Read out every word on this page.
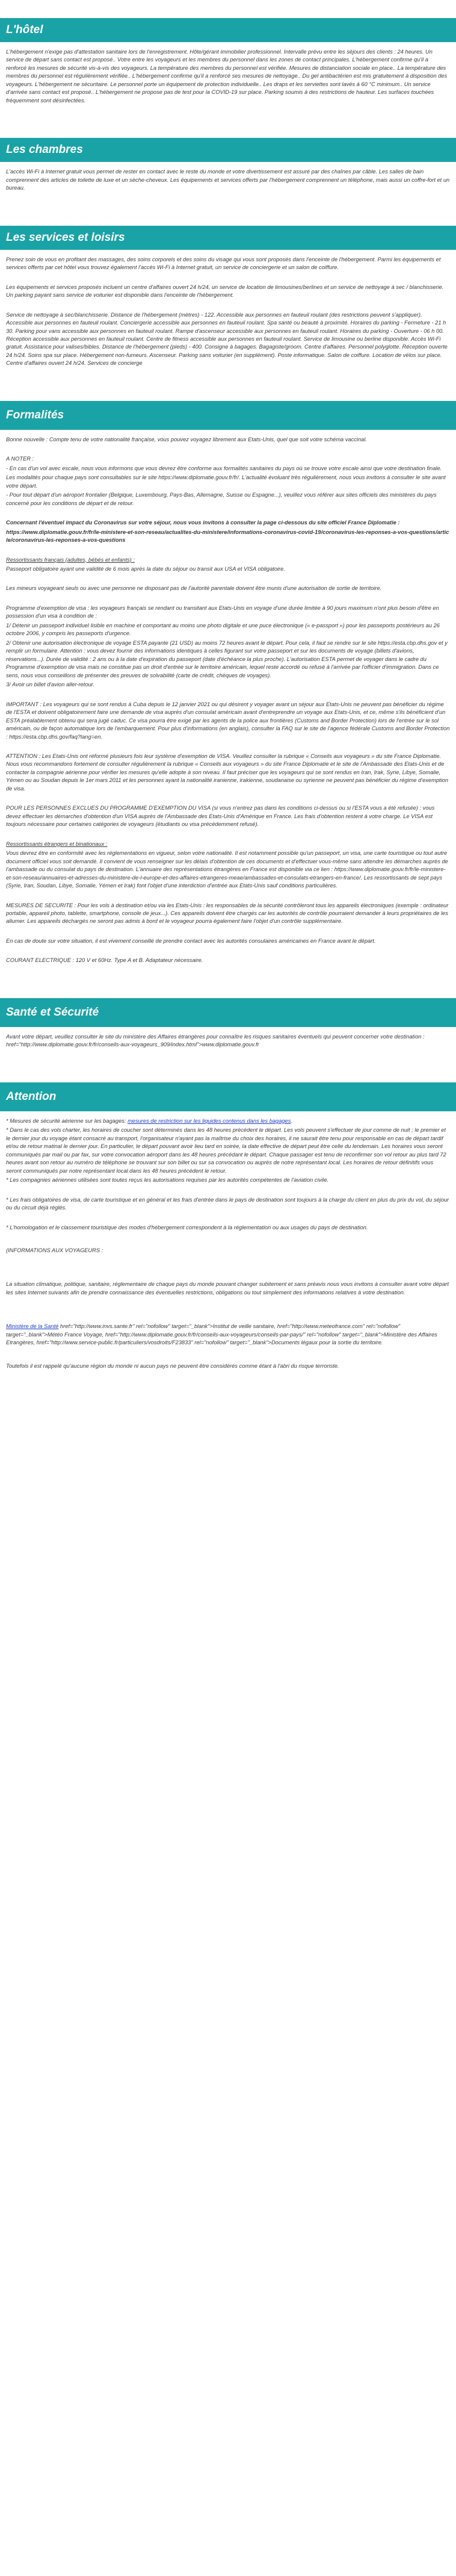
L'hôtel

L'hébergement n'exige pas d'attestation sanitaire lors de l'enregistrement. Hôte/gérant immobilier professionnel. Intervalle prévu entre les séjours des clients : 24 heures. Un service de départ sans contact est proposé.. Votre entre les voyageurs et les membres du personnel dans les zones de contact principales. L'hébergement confirme qu'il a renforcé les mesures de sécurité vis-à-vis des voyageurs. La température des membres du personnel est vérifiée. Mesures de distanciation sociale en place.. La température des membres du personnel est régulièrement vérifiée.. L'hébergement confirme qu'il a renforcé ses mesures de nettoyage.. Du gel antibactérien est mis gratuitement à disposition des voyageurs. L'hébergement ne sécuritaire. Le personnel porte un équipement de protection individuelle.. Les draps et les serviettes sont lavés à 60 °C minimum.. Un service d'arrivée sans contact est proposé.. L'hébergement ne propose pas de test pour la COVID-19 sur place. Parking soumis à des restrictions de hauteur. Les surfaces touchées fréquemment sont désinfectées.

Les chambres

L'accès Wi-Fi à Internet gratuit vous permet de rester en contact avec le reste du monde et votre divertissement est assuré par des chaînes par câble. Les salles de bain comprennent des articles de toilette de luxe et un sèche-cheveux. Les équipements et services offerts par l'hébergement comprennent un téléphone, mais aussi un coffre-fort et un bureau.

Les services et loisirs

Prenez soin de vous en profitant des massages, des soins corporels et des soins du visage qui vous sont proposés dans l'enceinte de l'hébergement. Parmi les équipements et services offerts par cet hôtel vous trouvez également l'accès Wi-Fi à Internet gratuit, un service de conciergerie et un salon de coiffure.

Les équipements et services proposés incluent un centre d'affaires ouvert 24 h/24, un service de location de limousines/berlines et un service de nettoyage à sec / blanchisserie. Un parking payant sans service de voiturier est disponible dans l'enceinte de l'hébergement.

Service de nettoyage à sec/blanchisserie. Distance de l'hébergement (mètres) - 122. Accessible aux personnes en fauteuil roulant (des restrictions peuvent s'appliquer). Accessible aux personnes en fauteuil roulant. Conciergerie accessible aux personnes en fauteuil roulant. Spa santé ou beauté à proximité. Horaires du parking - Fermeture - 21 h 30. Parking pour vans accessible aux personnes en fauteuil roulant. Rampe d'ascenseur accessible aux personnes en fauteuil roulant. Horaires du parking - Ouverture - 06 h 00. Réception accessible aux personnes en fauteuil roulant. Centre de fitness accessible aux personnes en fauteuil roulant. Service de limousine ou berline disponible. Accès Wi-Fi gratuit. Assistance pour valises/bibles. Distance de l'hébergement (pieds) - 400. Consigne à bagages. Bagagiste/groom. Centre d'affaires. Personnel polyglotte. Réception ouverte 24 h/24. Soins spa sur place. Hébergement non-fumeurs. Ascenseur. Parking sans voiturier (en supplément). Poste informatique. Salon de coiffure. Location de vélos sur place. Centre d'affaires ouvert 24 h/24. Services de concierge

Formalités

Bonne nouvelle : Compte tenu de votre nationalité française, vous pouvez voyagez librement aux Etats-Unis, quel que soit votre schéma vaccinal.

A NOTER :

- En cas d'un vol avec escale, nous vous informons que vous devrez être conforme aux formalités sanitaires du pays où se trouve votre escale ainsi que votre destination finale.

Les modalités pour chaque pays sont consultables sur le site https://www.diplomatie.gouv.fr/fr/. L'actualité évoluant très régulièrement, nous vous invitons à consulter le site avant votre départ.

- Pour tout départ d'un aéroport frontalier (Belgique, Luxembourg, Pays-Bas, Allemagne, Suisse ou Espagne...), veuillez vous référer aux sites officiels des ministères du pays concerné pour les conditions de départ et de retour.

Concernant l'éventuel impact du Coronavirus sur votre séjour, nous vous invitons à consulter la page ci-dessous du site officiel France Diplomatie :

https://www.diplomatie.gouv.fr/fr/le-ministere-et-son-reseau/actualites-du-ministere/informations-coronavirus-covid-19/coronavirus-les-reponses-a-vos-questions/article/coronavirus-les-reponses-a-vos-questions

Ressortissants français (adultes, bébés et enfants) :

Passeport obligatoire ayant une validité de 6 mois après la date du séjour ou transit aux USA et VISA obligatoire.

Les mineurs voyageant seuls ou avec une personne ne disposant pas de l'autorité parentale doivent être munis d'une autorisation de sortie de territoire.

Programme d'exemption de visa : les voyageurs français se rendant ou transitant aux Etats-Unis en voyage d'une durée limitée à 90 jours maximum n'ont plus besoin d'être en possession d'un visa à condition de :

1/ Détenir un passeport individuel lisible en machine et comportant au moins une photo digitale et une puce électronique (« e-passport ») pour les passeports postérieurs au 26 octobre 2006, y compris les passeports d'urgence.

2/ Obtenir une autorisation électronique de voyage ESTA payante (21 USD) au moins 72 heures avant le départ. Pour cela, il faut se rendre sur le site https://esta.cbp.dhs.gov et y remplir un formulaire. Attention : vous devez fournir des informations identiques à celles figurant sur votre passeport et sur les documents de voyage (billets d'avions, réservations...). Durée de validité : 2 ans ou à la date d'expiration du passeport (date d'échéance la plus proche). L'autorisation ESTA permet de voyager dans le cadre du Programme d'exemption de visa mais ne constitue pas un droit d'entrée sur le territoire américain, lequel reste accordé ou refusé à l'arrivée par l'officier d'immigration. Dans ce sens, nous vous conseillons de présenter des preuves de solvabilité (carte de crédit, chèques de voyages).

3/ Avoir un billet d'avion aller-retour.

IMPORTANT : Les voyageurs qui se sont rendus à Cuba depuis le 12 janvier 2021 ou qui désirent y voyager avant un séjour aux Etats-Unis ne peuvent pas bénéficier du régime de l'ESTA et doivent obligatoirement faire une demande de visa auprès d'un consulat américain avant d'entreprendre un voyage aux Etats-Unis, et ce, même s'ils bénéficient d'un ESTA préalablement obtenu qui sera jugé caduc. Ce visa pourra être exigé par les agents de la police aux frontières (Customs and Border Protection) lors de l'entrée sur le sol américain, ou de façon automatique lors de l'embarquement. Pour plus d'informations (en anglais), consulter la FAQ sur le site de l'agence fédérale Customs and Border Protection : https://esta.cbp.dhs.gov/faq?lang=en.

ATTENTION : Les Etats-Unis ont réformé plusieurs fois leur système d'exemption de VISA. Veuillez consulter la rubrique « Conseils aux voyageurs » du site France Diplomatie. Nous vous recommandons fortement de consulter régulièrement la rubrique « Conseils aux voyageurs » du site France Diplomatie et le site de l'Ambassade des Etats-Unis et de contacter la compagnie aérienne pour vérifier les mesures qu'elle adopte à son niveau. Il faut préciser que les voyageurs qui se sont rendus en Iran, Irak, Syrie, Libye, Somalie, Yémen ou au Soudan depuis le 1er mars 2011 et les personnes ayant la nationalité iranienne, irakienne, soudanaise ou syrienne ne peuvent pas bénéficier du régime d'exemption de visa.

POUR LES PERSONNES EXCLUES DU PROGRAMME D'EXEMPTION DU VISA (si vous n'entrez pas dans les conditions ci-dessus ou si l'ESTA vous a été refusée) : vous devez effectuer les démarches d'obtention d'un VISA auprès de l'Ambassade des Etats-Unis d'Amérique en France. Les frais d'obtention restent à votre charge. Le VISA est toujours nécessaire pour certaines catégories de voyageurs (étudiants ou visa précédemment refusé).

Ressortissants étrangers et binationaux :

Vous devrez être en conformité avec les réglementations en vigueur, selon votre nationalité. Il est notamment possible qu'un passeport, un visa, une carte touristique ou tout autre document officiel vous soit demandé. Il convient de vous renseigner sur les délais d'obtention de ces documents et d'effectuer vous-même sans attendre les démarches auprès de l'ambassade ou du consulat du pays de destination. L'annuaire des représentations étrangères en France est disponible via ce lien : https://www.diplomatie.gouv.fr/fr/le-ministere-et-son-reseau/annuaires-et-adresses-du-ministere-de-l-europe-et-des-affaires-etrangeres-meae/ambassades-et-consulats-etrangers-en-france/. Les ressortissants de sept pays (Syrie, Iran, Soudan, Libye, Somalie, Yémen et Irak) font l'objet d'une interdiction d'entrée aux Etats-Unis sauf conditions particulières.

MESURES DE SECURITE : Pour les vols à destination et/ou via les Etats-Unis : les responsables de la sécurité contrôleront tous les appareils électroniques (exemple : ordinateur portable, appareil photo, tablette, smartphone, console de jeux...). Ces appareils doivent être chargés car les autorités de contrôle pourraient demander à leurs propriétaires de les allumer. Les appareils déchargés ne seront pas admis à bord et le voyageur pourra également faire l'objet d'un contrôle supplémentaire.

En cas de doute sur votre situation, il est vivement conseillé de prendre contact avec les autorités consulaires américaines en France avant le départ.

COURANT ELECTRIQUE : 120 V et 60Hz. Type A et B. Adaptateur nécessaire.

Santé et Sécurité

Avant votre départ, veuillez consulter le site du ministère des Affaires étrangères pour connaître les risques sanitaires éventuels qui peuvent concerner votre destination : href="http://www.diplomatie.gouv.fr/fr/conseils-aux-voyageurs_909/index.html">www.diplomatie.gouv.fr

Attention

* Mesures de sécurité aérienne sur les bagages: mesures de restriction sur les liquides contenus dans les bagages.

* Dans le cas des vols charter, les horaires de coucher sont déterminés dans les 48 heures précédent le départ. Les vols peuvent s'effectuer de jour comme de nuit ; le premier et le dernier jour du voyage étant consacré au transport, l'organisateur n'ayant pas la maîtrise du choix des horaires, il ne saurait être tenu pour responsable en cas de départ tardif et/ou de retour matinal le dernier jour. En particulier, le départ pouvant avoir lieu tard en soirée, la date effective de départ peut être celle du lendemain. Les horaires vous seront communiqués par mail ou par fax, sur votre convocation aéroport dans les 48 heures précédant le départ. Chaque passager est tenu de reconfirmer son vol retour au plus tard 72 heures avant son retour au numéro de téléphone se trouvant sur son billet ou sur sa convocation ou auprès de notre représentant local. Les horaires de retour définitifs vous seront communiqués par notre représentant local dans les 48 heures précédent le retour.

* Les compagnies aériennes utilisées sont toutes reçus les autorisations requises par les autorités compétentes de l'aviation civile.

* Les frais obligatoires de visa, de carte touristique et en général et les frais d'entrée dans le pays de destination sont toujours à la charge du client en plus du prix du vol, du séjour ou du circuit déjà réglés.

* L'homologation et le classement touristique des modes d'hébergement correspondent à la réglementation ou aux usages du pays de destination.

(INFORMATIONS AUX VOYAGEURS :

La situation climatique, politique, sanitaire, réglementaire de chaque pays du monde pouvant changer subitement et sans préavis nous vous invitons à consulter avant votre départ les sites Internet suivants afin de prendre connaissance des éventuelles restrictions, obligations ou tout simplement des informations relatives à votre destination.

Ministère de la Santé href="http://www.invs.sante.fr" rel="nofollow" target="_blank">Institut de veille sanitaire, href="http://www.meteofrance.com" rel="nofollow" target="_blank">Météo France Voyage, href="http://www.diplomatie.gouv.fr/fr/conseils-aux-voyageurs/conseils-par-pays/" rel="nofollow" target="_blank">Ministère des Affaires Etrangères, href="http://www.service-public.fr/particuliers/vosdroits/F23833" rel="nofollow" target="_blank">Documents légaux pour la sortie du territoire.

Toutefois il est rappelé qu'aucune région du monde ni aucun pays ne peuvent être considérés comme étant à l'abri du risque terroriste.
